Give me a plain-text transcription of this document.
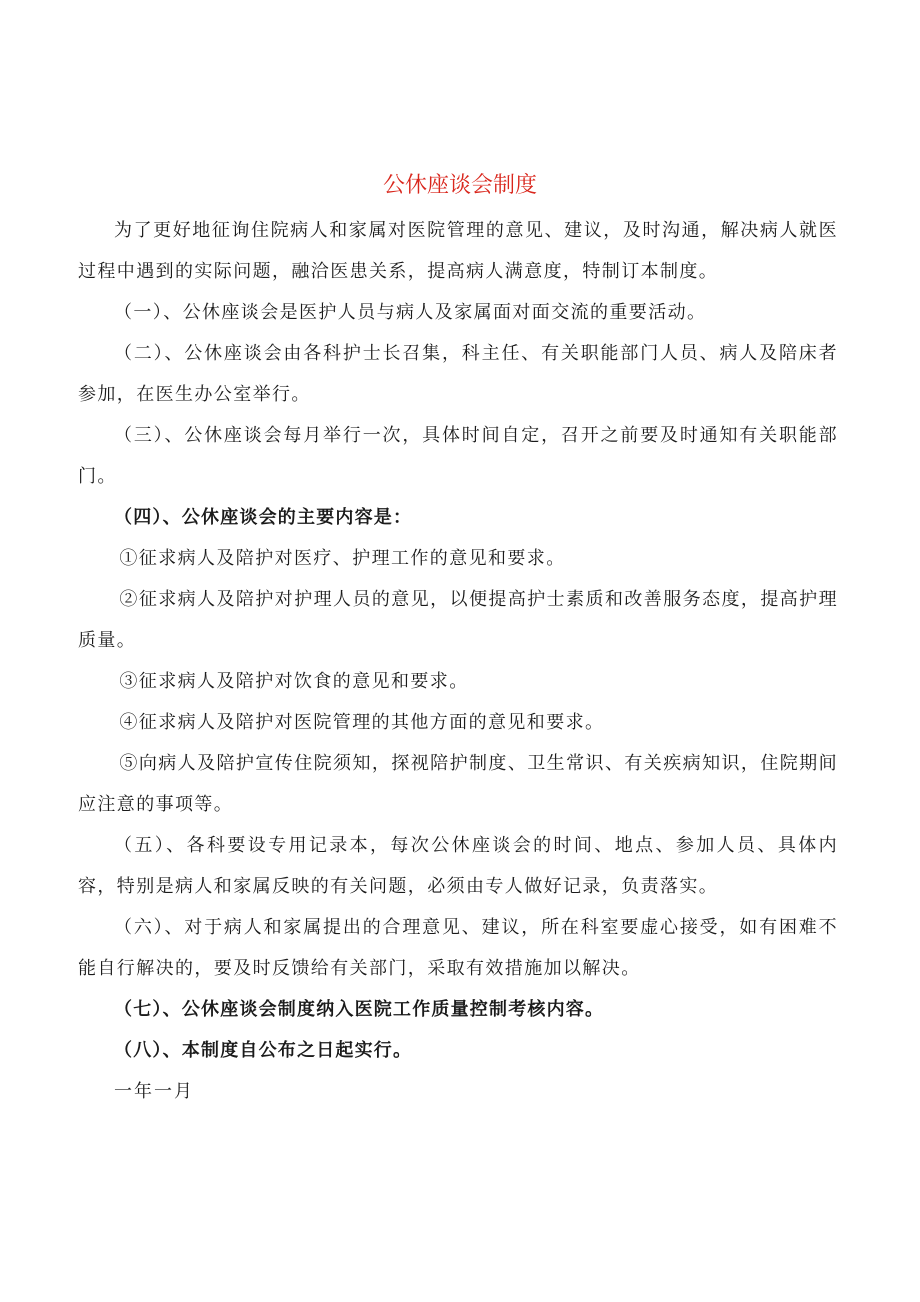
公休座谈会制度

为了更好地征询住院病人和家属对医院管理的意见、建议，及时沟通，解决病人就医过程中遇到的实际问题，融洽医患关系，提高病人满意度，特制订本制度。

（一）、公休座谈会是医护人员与病人及家属面对面交流的重要活动。

（二）、公休座谈会由各科护士长召集，科主任、有关职能部门人员、病人及陪床者参加，在医生办公室举行。

（三）、公休座谈会每月举行一次，具体时间自定，召开之前要及时通知有关职能部门。

（四）、公休座谈会的主要内容是：

①征求病人及陪护对医疗、护理工作的意见和要求。

②征求病人及陪护对护理人员的意见，以便提高护士素质和改善服务态度，提高护理质量。

③征求病人及陪护对饮食的意见和要求。

④征求病人及陪护对医院管理的其他方面的意见和要求。

⑤向病人及陪护宣传住院须知，探视陪护制度、卫生常识、有关疾病知识，住院期间应注意的事项等。

（五）、各科要设专用记录本，每次公休座谈会的时间、地点、参加人员、具体内容，特别是病人和家属反映的有关问题，必须由专人做好记录，负责落实。

（六）、对于病人和家属提出的合理意见、建议，所在科室要虚心接受，如有困难不能自行解决的，要及时反馈给有关部门，采取有效措施加以解决。

（七）、公休座谈会制度纳入医院工作质量控制考核内容。

（八）、本制度自公布之日起实行。

一年一月
